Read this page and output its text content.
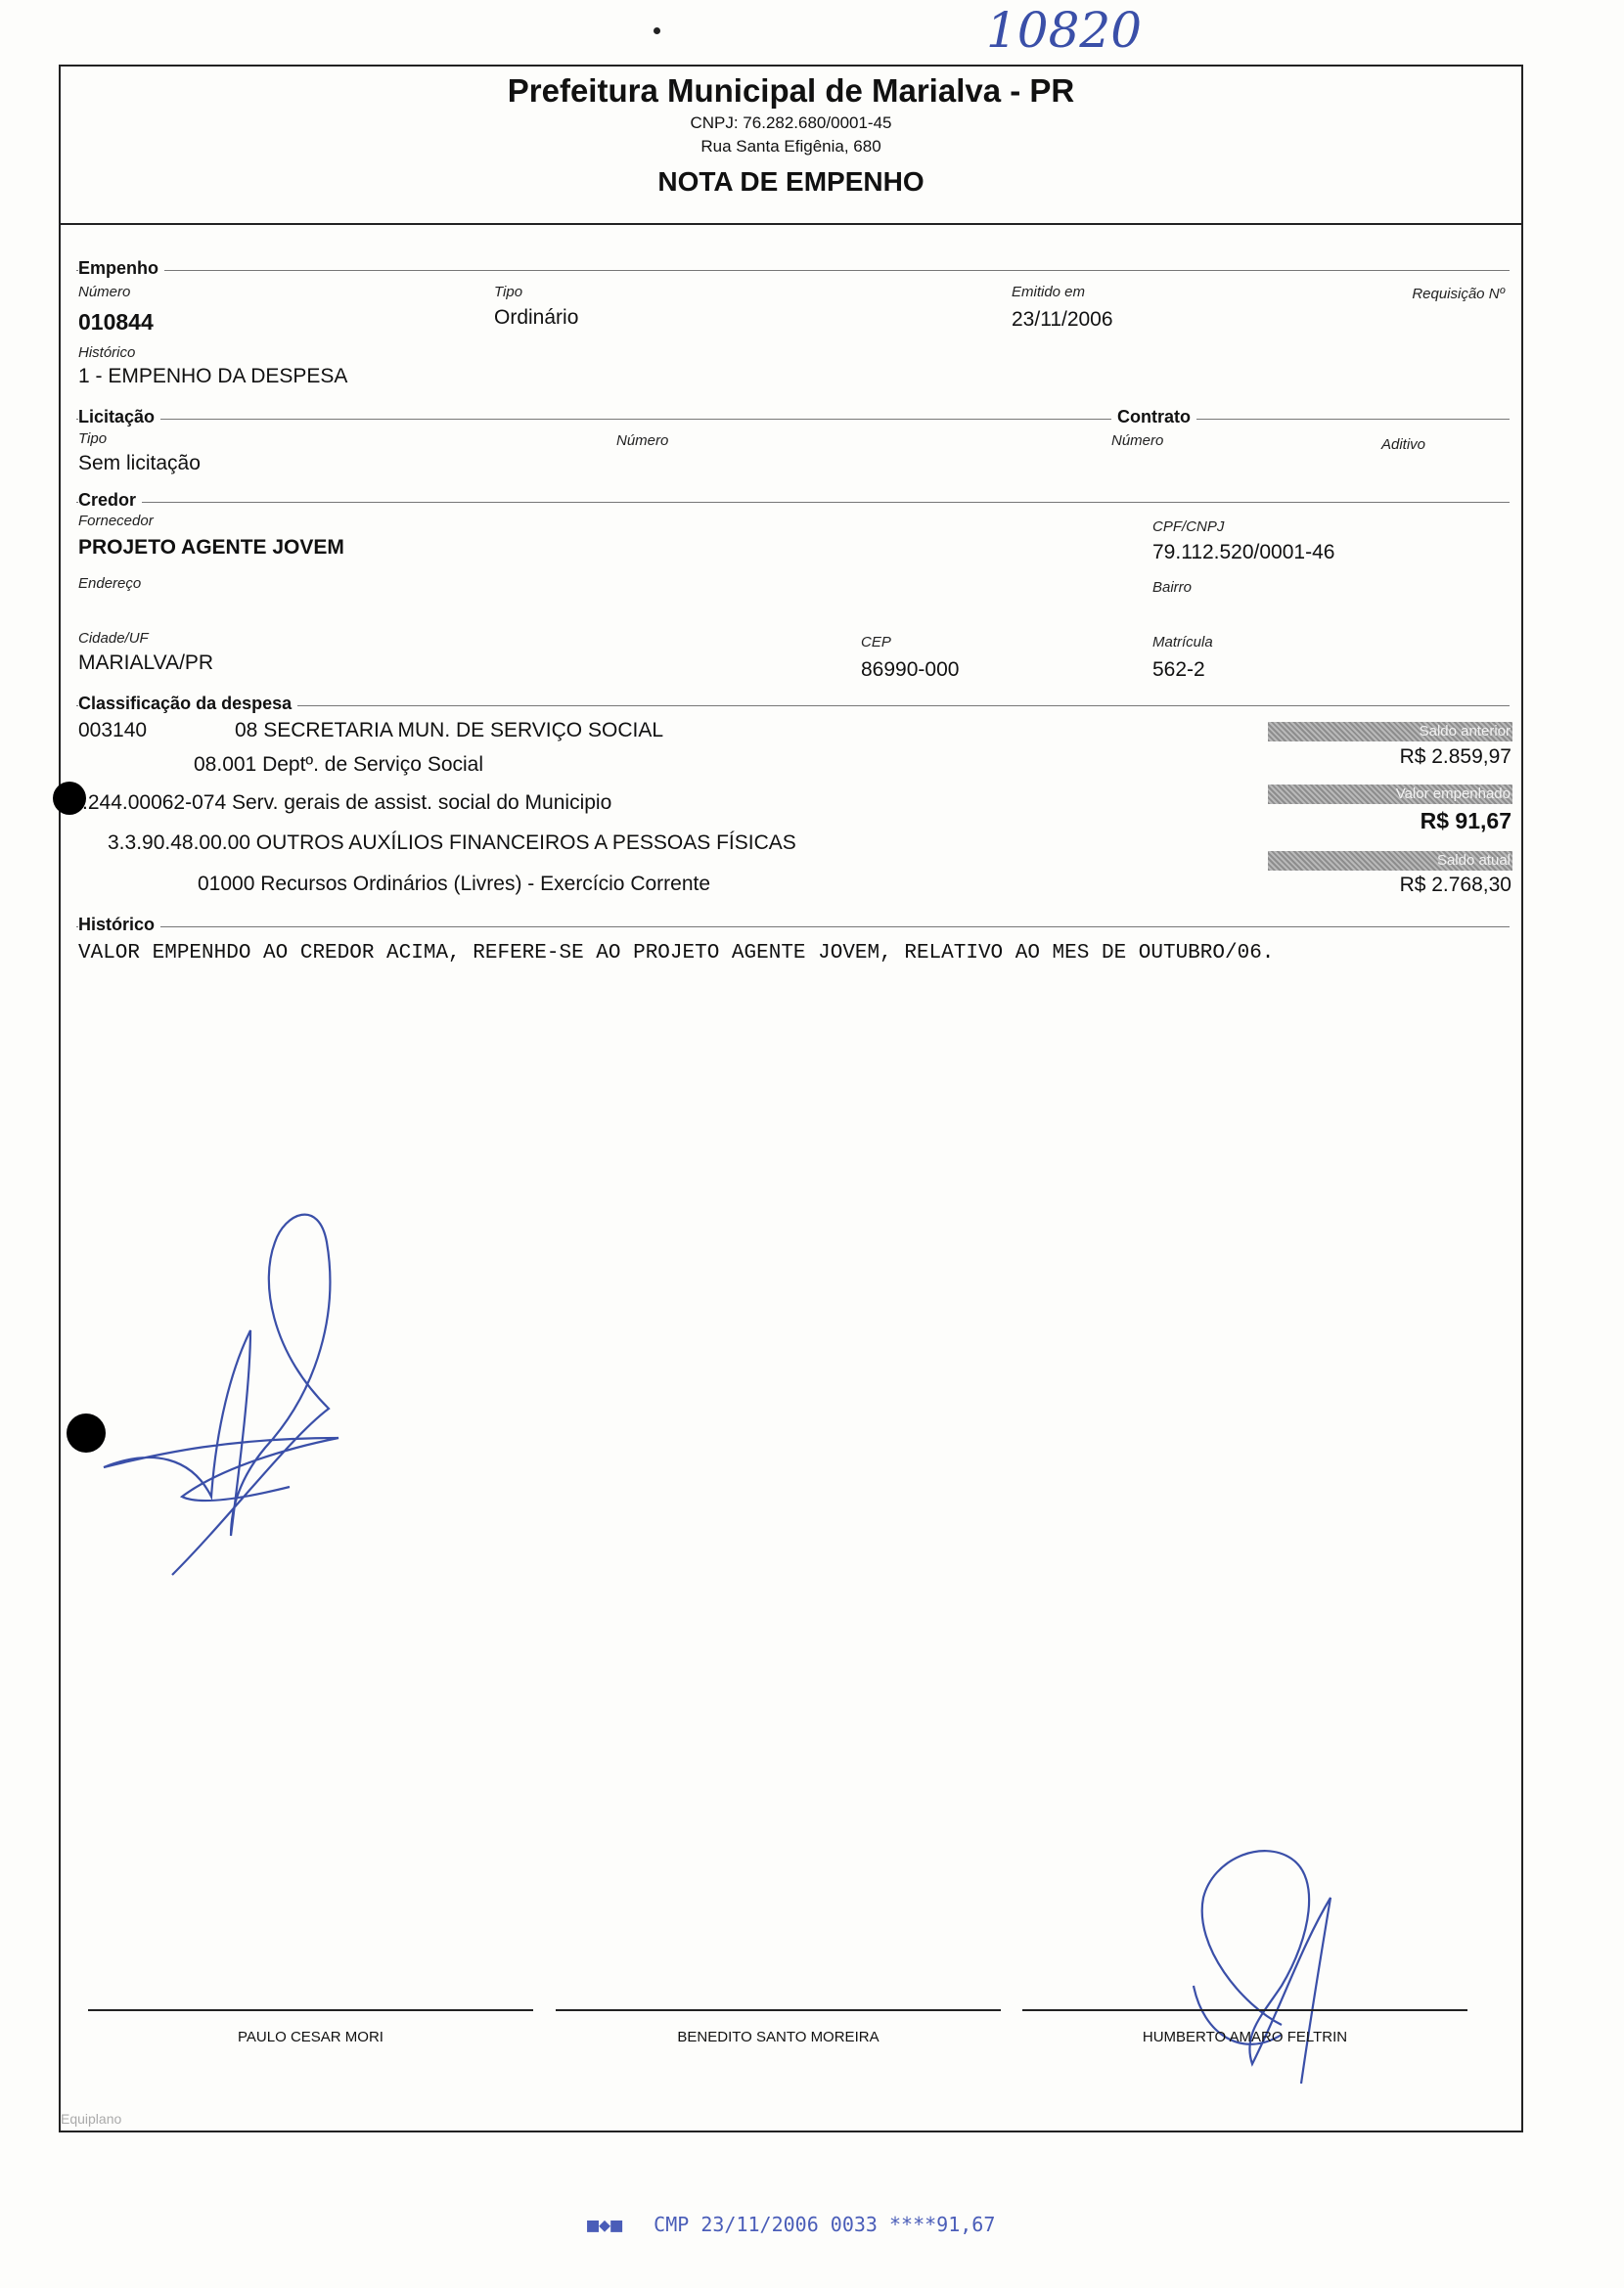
10820
Prefeitura Municipal de Marialva - PR
CNPJ: 76.282.680/0001-45
Rua Santa Efigênia, 680
NOTA DE EMPENHO
Empenho
Número
010844
Tipo
Ordinário
Emitido em
23/11/2006
Requisição Nº
Histórico
1 - EMPENHO DA DESPESA
Licitação	Contrato
Tipo
Sem licitação
Número	Número	Aditivo
Credor
Fornecedor
PROJETO AGENTE JOVEM
CPF/CNPJ
79.112.520/0001-46
Endereço	Bairro
Cidade/UF
MARIALVA/PR
CEP
86990-000
Matrícula
562-2
Classificação da despesa
003140	08 SECRETARIA MUN. DE SERVIÇO SOCIAL
08.001 Deptº. de Serviço Social
.244.00062-074 Serv. gerais de assist. social do Municipio
3.3.90.48.00.00 OUTROS AUXÍLIOS FINANCEIROS A PESSOAS FÍSICAS
01000 Recursos Ordinários (Livres) - Exercício Corrente
Saldo anterior
R$ 2.859,97
Valor empenhado
R$ 91,67
Saldo atual
R$ 2.768,30
Histórico
VALOR EMPENHDO AO CREDOR ACIMA, REFERE-SE AO PROJETO AGENTE JOVEM, RELATIVO AO MES DE OUTUBRO/06.
PAULO CESAR MORI	BENEDITO SANTO MOREIRA	HUMBERTO AMARO FELTRIN
Equiplano
■◆■ CMP 23/11/2006 0033 ****91,67
